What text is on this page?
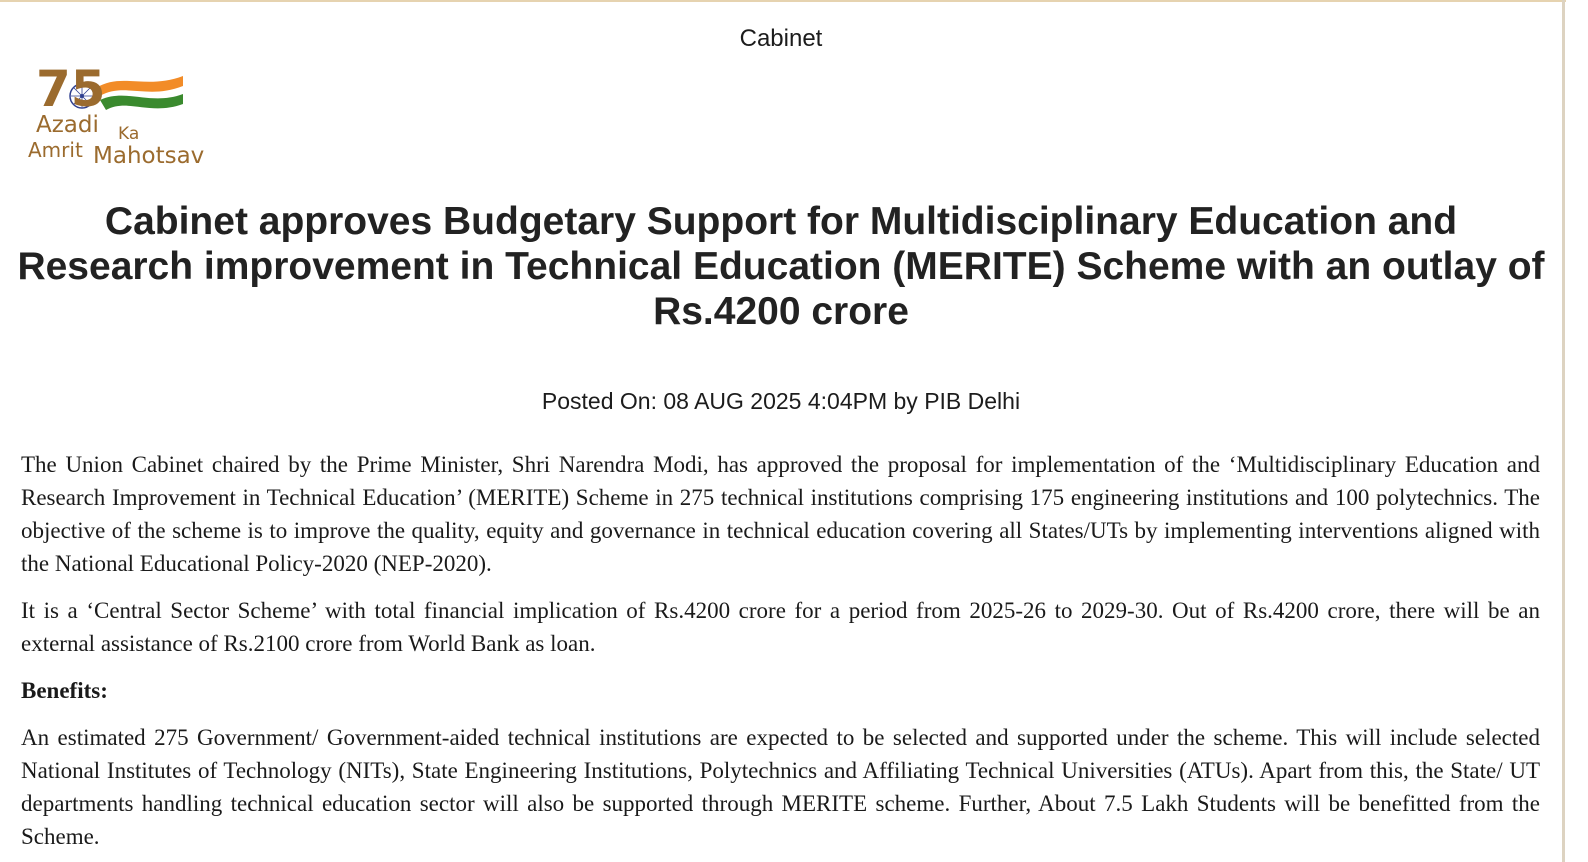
Cabinet
75
Azadi Ka
Amrit Mahotsav
Cabinet approves Budgetary Support for Multidisciplinary Education and Research improvement in Technical Education (MERITE) Scheme with an outlay of Rs.4200 crore
Posted On: 08 AUG 2025 4:04PM by PIB Delhi

The Union Cabinet chaired by the Prime Minister, Shri Narendra Modi, has approved the proposal for implementation of the ‘Multidisciplinary Education and Research Improvement in Technical Education’ (MERITE) Scheme in 275 technical institutions comprising 175 engineering institutions and 100 polytechnics. The objective of the scheme is to improve the quality, equity and governance in technical education covering all States/UTs by implementing interventions aligned with the National Educational Policy-2020 (NEP-2020).

It is a ‘Central Sector Scheme’ with total financial implication of Rs.4200 crore for a period from 2025-26 to 2029-30. Out of Rs.4200 crore, there will be an external assistance of Rs.2100 crore from World Bank as loan.

Benefits:

An estimated 275 Government/ Government-aided technical institutions are expected to be selected and supported under the scheme. This will include selected National Institutes of Technology (NITs), State Engineering Institutions, Polytechnics and Affiliating Technical Universities (ATUs). Apart from this, the State/ UT departments handling technical education sector will also be supported through MERITE scheme. Further, About 7.5 Lakh Students will be benefitted from the Scheme.
